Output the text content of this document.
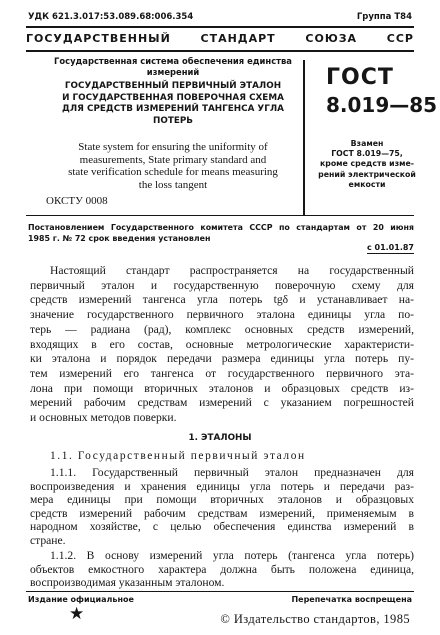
УДК 621.3.017:53.089.68:006.354	Группа Т84
ГОСУДАРСТВЕННЫЙ СТАНДАРТ СОЮЗА ССР
Государственная система обеспечения единства
измерений
ГОСУДАРСТВЕННЫЙ ПЕРВИЧНЫЙ ЭТАЛОН
И ГОСУДАРСТВЕННАЯ ПОВЕРОЧНАЯ СХЕМА
ДЛЯ СРЕДСТВ ИЗМЕРЕНИЙ ТАНГЕНСА УГЛА
ПОТЕРЬ
State system for ensuring the uniformity of
measurements, State primary standard and
state verification schedule for means measuring
the loss tangent
ОКСТУ 0008
ГОСТ
8.019—85
Взамен
ГОСТ 8.019—75,
кроме средств изме-
рений электрической
емкости
Постановлением Государственного комитета СССР по стандартам от 20 июня
1985 г. № 72 срок введения установлен
с 01.01.87
Настоящий стандарт распространяется на государственный
первичный эталон и государственную поверочную схему для
средств измерений тангенса угла потерь tgδ и устанавливает на-
значение государственного первичного эталона единицы угла по-
терь — радиана (рад), комплекс основных средств измерений,
входящих в его состав, основные метрологические характеристи-
ки эталона и порядок передачи размера единицы угла потерь пу-
тем измерений его тангенса от государственного первичного эта-
лона при помощи вторичных эталонов и образцовых средств из-
мерений рабочим средствам измерений с указанием погрешностей
и основных методов поверки.
1. ЭТАЛОНЫ
1.1. Государственный первичный эталон
1.1.1. Государственный первичный эталон предназначен для
воспроизведения и хранения единицы угла потерь и передачи раз-
мера единицы при помощи вторичных эталонов и образцовых
средств измерений рабочим средствам измерений, применяемым в
народном хозяйстве, с целью обеспечения единства измерений в
стране.
1.1.2. В основу измерений угла потерь (тангенса угла потерь)
объектов емкостного характера должна быть положена единица,
воспроизводимая указанным эталоном.
Издание официальное	Перепечатка воспрещена
★	© Издательство стандартов, 1985
